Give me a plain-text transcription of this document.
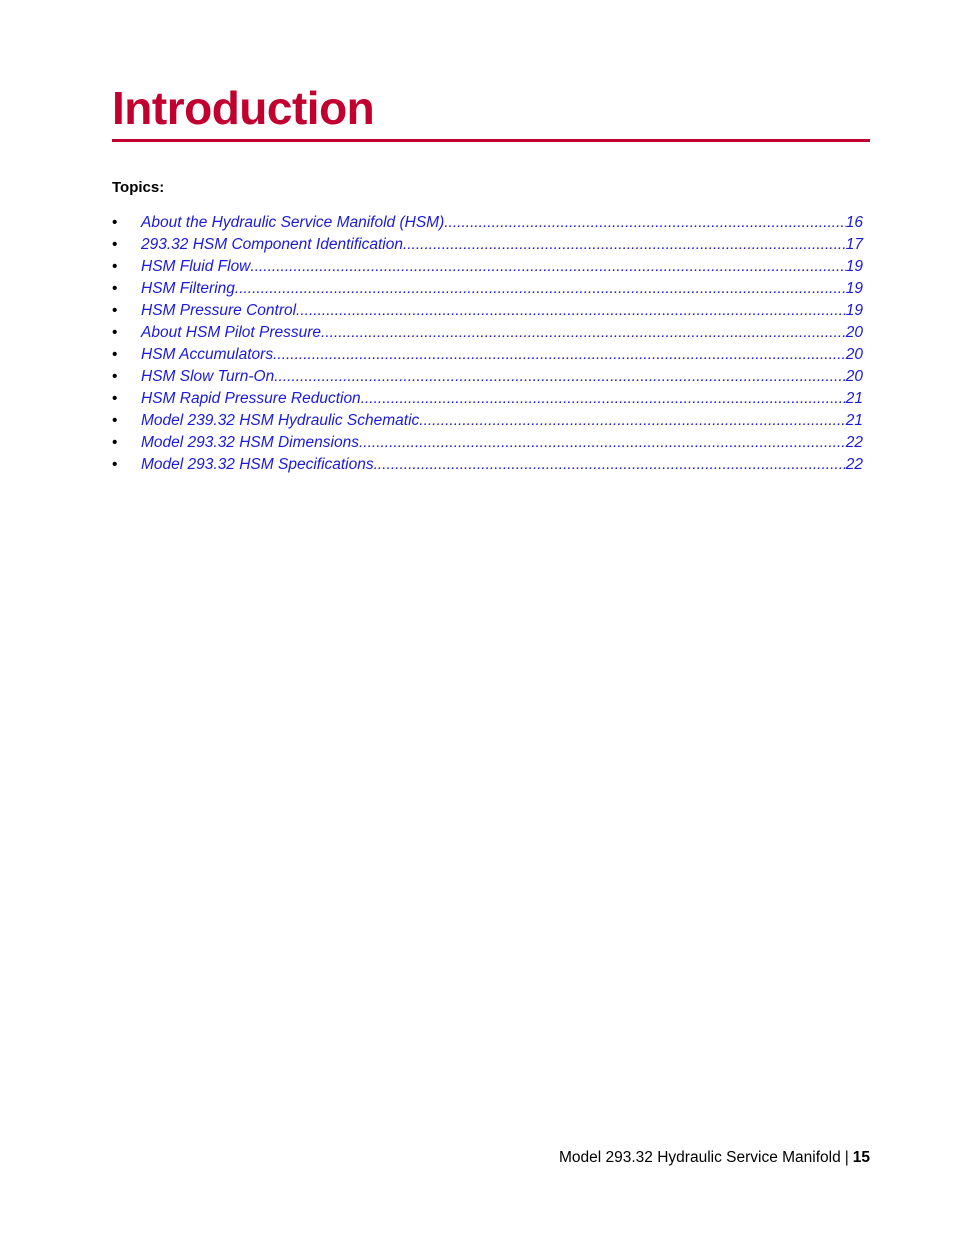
Introduction
Topics:
•	About the Hydraulic Service Manifold (HSM) .....	16
•	293.32 HSM Component Identification .....	17
•	HSM Fluid Flow .....	19
•	HSM Filtering .....	19
•	HSM Pressure Control .....	19
•	About HSM Pilot Pressure .....	20
•	HSM Accumulators .....	20
•	HSM Slow Turn-On .....	20
•	HSM Rapid Pressure Reduction .....	21
•	Model 239.32 HSM Hydraulic Schematic .....	21
•	Model 293.32 HSM Dimensions .....	22
•	Model 293.32 HSM Specifications .....	22
Model 293.32 Hydraulic Service Manifold | 15
